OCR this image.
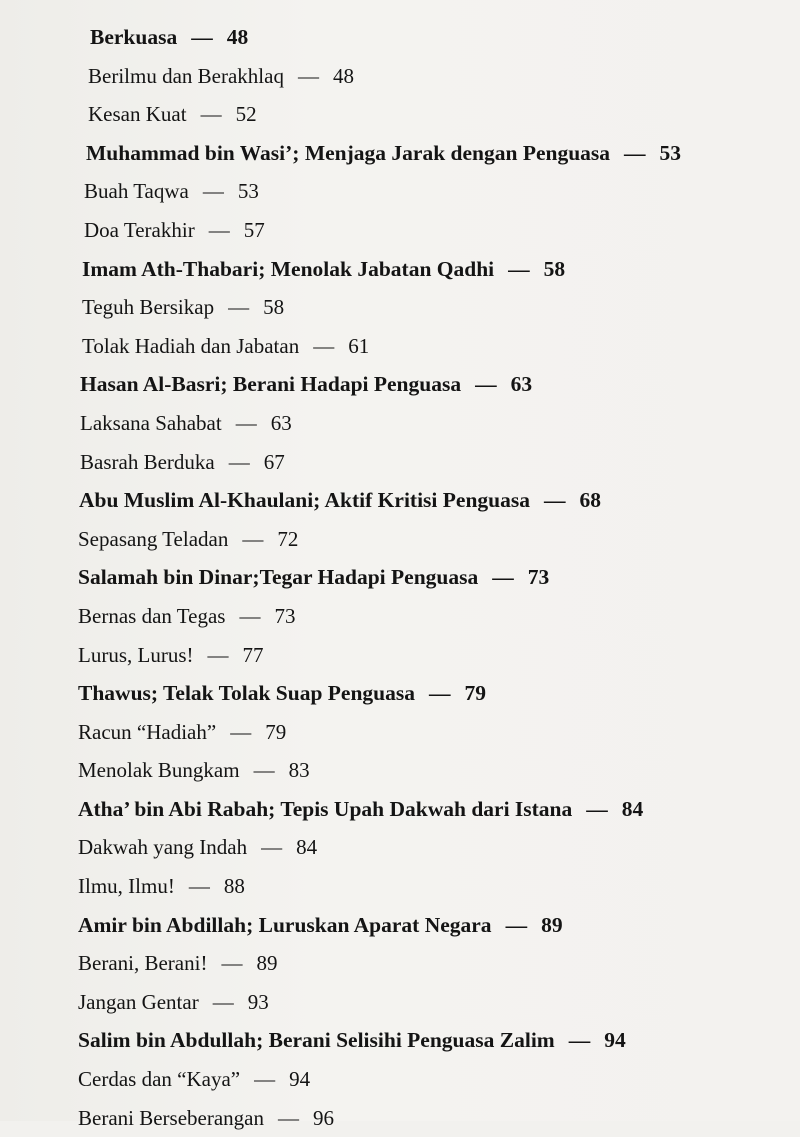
Berkuasa — 48
Berilmu dan Berakhlaq — 48
Kesan Kuat — 52
Muhammad bin Wasi’; Menjaga Jarak dengan Penguasa — 53
Buah Taqwa — 53
Doa Terakhir — 57
Imam Ath-Thabari; Menolak Jabatan Qadhi — 58
Teguh Bersikap — 58
Tolak Hadiah dan Jabatan — 61
Hasan Al-Basri; Berani Hadapi Penguasa — 63
Laksana Sahabat — 63
Basrah Berduka — 67
Abu Muslim Al-Khaulani; Aktif Kritisi Penguasa — 68
Sepasang Teladan — 72
Salamah bin Dinar;Tegar Hadapi Penguasa — 73
Bernas dan Tegas — 73
Lurus, Lurus! — 77
Thawus; Telak Tolak Suap Penguasa — 79
Racun “Hadiah” — 79
Menolak Bungkam — 83
Atha’ bin Abi Rabah; Tepis Upah Dakwah dari Istana — 84
Dakwah yang Indah — 84
Ilmu, Ilmu! — 88
Amir bin Abdillah; Luruskan Aparat Negara — 89
Berani, Berani! — 89
Jangan Gentar — 93
Salim bin Abdullah; Berani Selisihi Penguasa Zalim — 94
Cerdas dan “Kaya” — 94
Berani Berseberangan — 96
